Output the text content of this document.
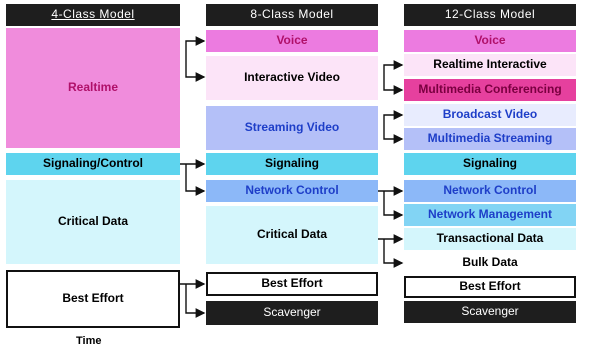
4-Class Model	8-Class Model	12-Class Model
Realtime
Signaling/Control
Critical Data
Best Effort
Voice
Interactive Video
Streaming Video
Signaling
Network Control
Critical Data
Best Effort
Scavenger
Voice
Realtime Interactive
Multimedia Conferencing
Broadcast Video
Multimedia Streaming
Signaling
Network Control
Network Management
Transactional Data
Bulk Data
Best Effort
Scavenger
Time
